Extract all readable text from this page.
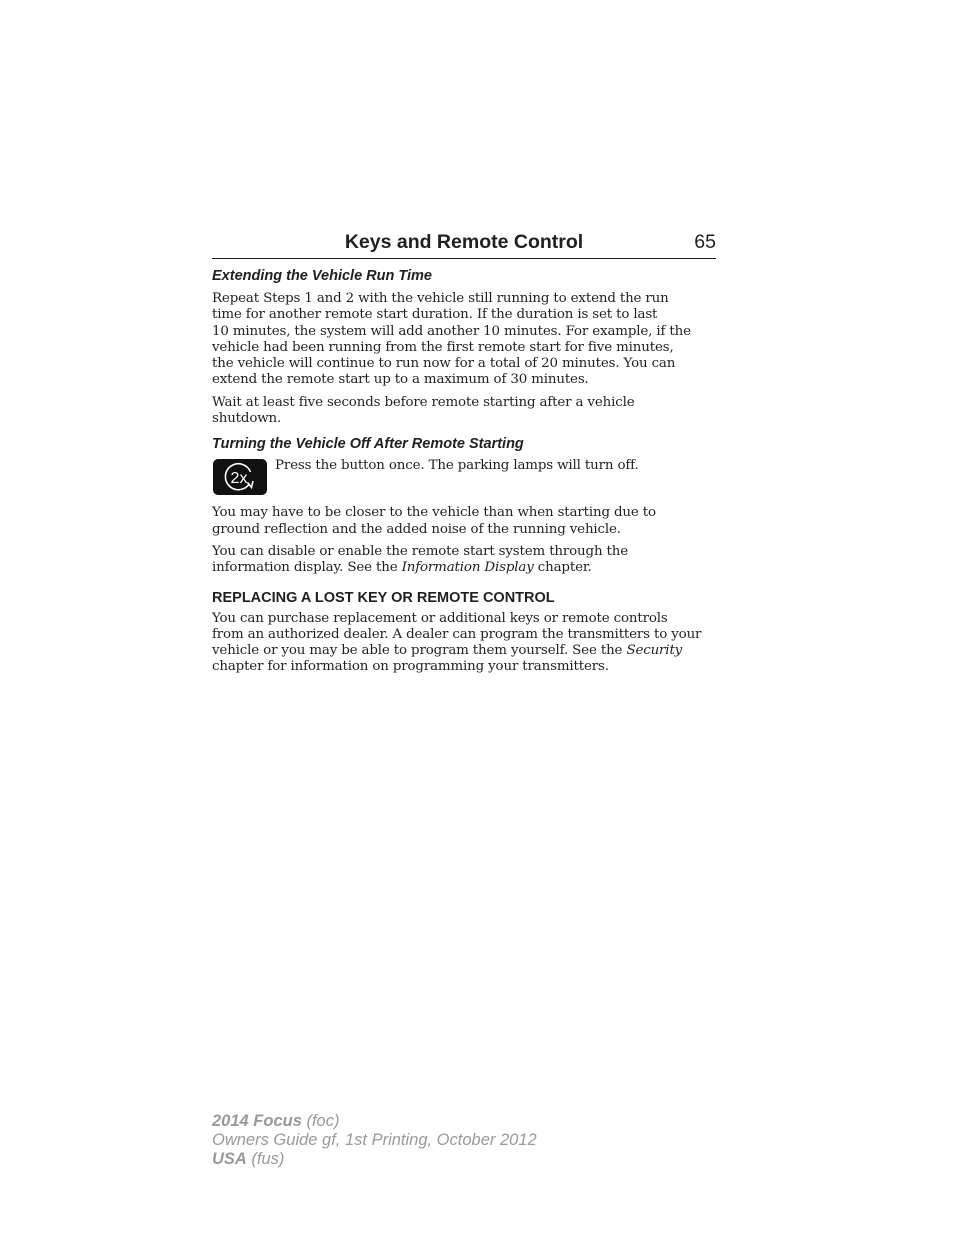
Keys and Remote Control	65
Extending the Vehicle Run Time

Repeat Steps 1 and 2 with the vehicle still running to extend the run
time for another remote start duration. If the duration is set to last
10 minutes, the system will add another 10 minutes. For example, if the
vehicle had been running from the first remote start for five minutes,
the vehicle will continue to run now for a total of 20 minutes. You can
extend the remote start up to a maximum of 30 minutes.

Wait at least five seconds before remote starting after a vehicle
shutdown.

Turning the Vehicle Off After Remote Starting
2x

Press the button once. The parking lamps will turn off.

You may have to be closer to the vehicle than when starting due to
ground reflection and the added noise of the running vehicle.

You can disable or enable the remote start system through the
information display. See the Information Display chapter.

REPLACING A LOST KEY OR REMOTE CONTROL

You can purchase replacement or additional keys or remote controls
from an authorized dealer. A dealer can program the transmitters to your
vehicle or you may be able to program them yourself. See the Security
chapter for information on programming your transmitters.

2014 Focus (foc)
Owners Guide gf, 1st Printing, October 2012
USA (fus)
